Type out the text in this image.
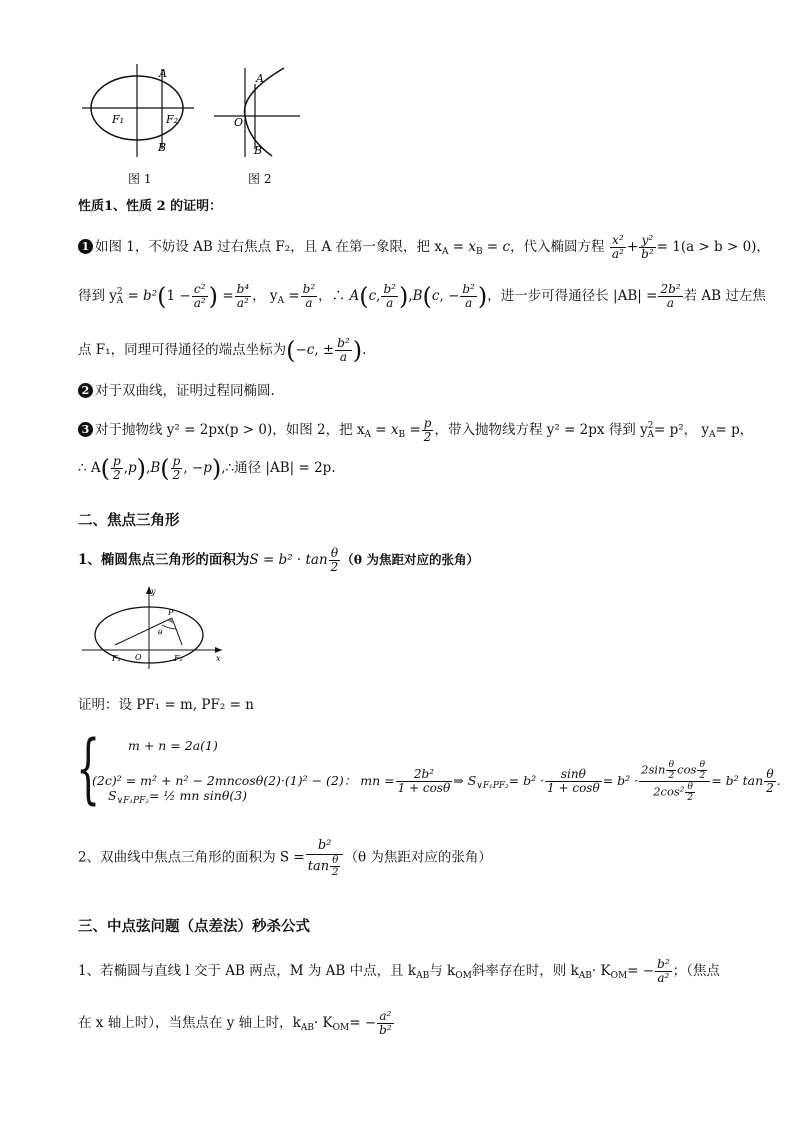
A
F₁	F₂
B
图 1
A
O
B
图 2
性质1、性质 2 的证明：
1 如图 1，不妨设 AB 过右焦点 F₂，且 A 在第一象限，把 $x_A = x_B = c$，代入椭圆方程 $\frac{\text{x²}}{\text{a²}} + \frac{\text{y²}}{\text{b²}} = 1(a > b > 0)$，
得到 $y^2_A = b^2(1 - \frac{\text{c²}}{\text{a²}}$ ) = $\frac{\text{b⁴}}{\text{a²}}$ ， $y_A = \frac{\text{b²}}{a}$ ，∴ A(c, $\frac{\text{b²}}{a} ),B(c$, − $\frac{\text{b²}}{a}$ )，进一步可得通径长 $|AB| = \frac{\text{2b²}}{a}$ 若 AB 过左焦
点 F₁，同理可得通径的端点坐标为(−c, ± $\frac{\text{b²}}{a}$ ).
2 对于双曲线，证明过程同椭圆.
3 对于抛物线 y² = 2px(p > 0)，如图 2，把 $x_A = x_B = \frac{p}{2}$ ，带入抛物线方程 y² = 2px 得到 $y^2_A= p^2$， $y_A= p$，
∴ $A( \frac{p}{2} ,p),B( \frac{p}{2}$ , −p),∴通径 |AB| = 2p.
二、焦点三角形
1、椭圆焦点三角形的面积为$S = b^2 \cdot \tan \frac{\theta}{2} (\theta$ 为焦距对应的张角）
y
P
θ
F₁ O	F₂	x
证明：设 PF₁ = m, PF₂ = n
{ m + n = 2a(1)
(2c)² = m² + n² − 2mncosθ(2)·(1)² − (2)： mn = $\frac{\text{2b²}}{1 + \cos\theta}$ ⇒ $S_{\vee F_1PF_2}= b^2 \cdot \frac{\sin\theta}{1 + \cos\theta} = b^2 \cdot \frac{2\sin \frac{\theta}{2} \cos \frac{\theta}{2}}{2\cos^2 \frac{\theta}{2}} = b^2$ $\tan \frac{\theta}{2}$ .
$S_{\vee F_1PF_2}=$ ½ mn sinθ(3)
2、双曲线中焦点三角形的面积为 $S = \frac{\text{b²}}{\tan \frac{\theta}{2}} (\theta$ 为焦距对应的张角）
三、中点弦问题（点差法）秒杀公式
1、若椭圆与直线 l 交于 AB 两点，M 为 AB 中点，且 $k_{AB}$与 $k_{OM}$斜率存在时，则 $k_{AB}\cdot K_{OM}= - \frac{\text{b²}}{\text{a²}}$ ；（焦点
在 x 轴上时），当焦点在 y 轴上时，$k_{AB}\cdot K_{OM}= - \frac{\text{a²}}{\text{b²}}$
